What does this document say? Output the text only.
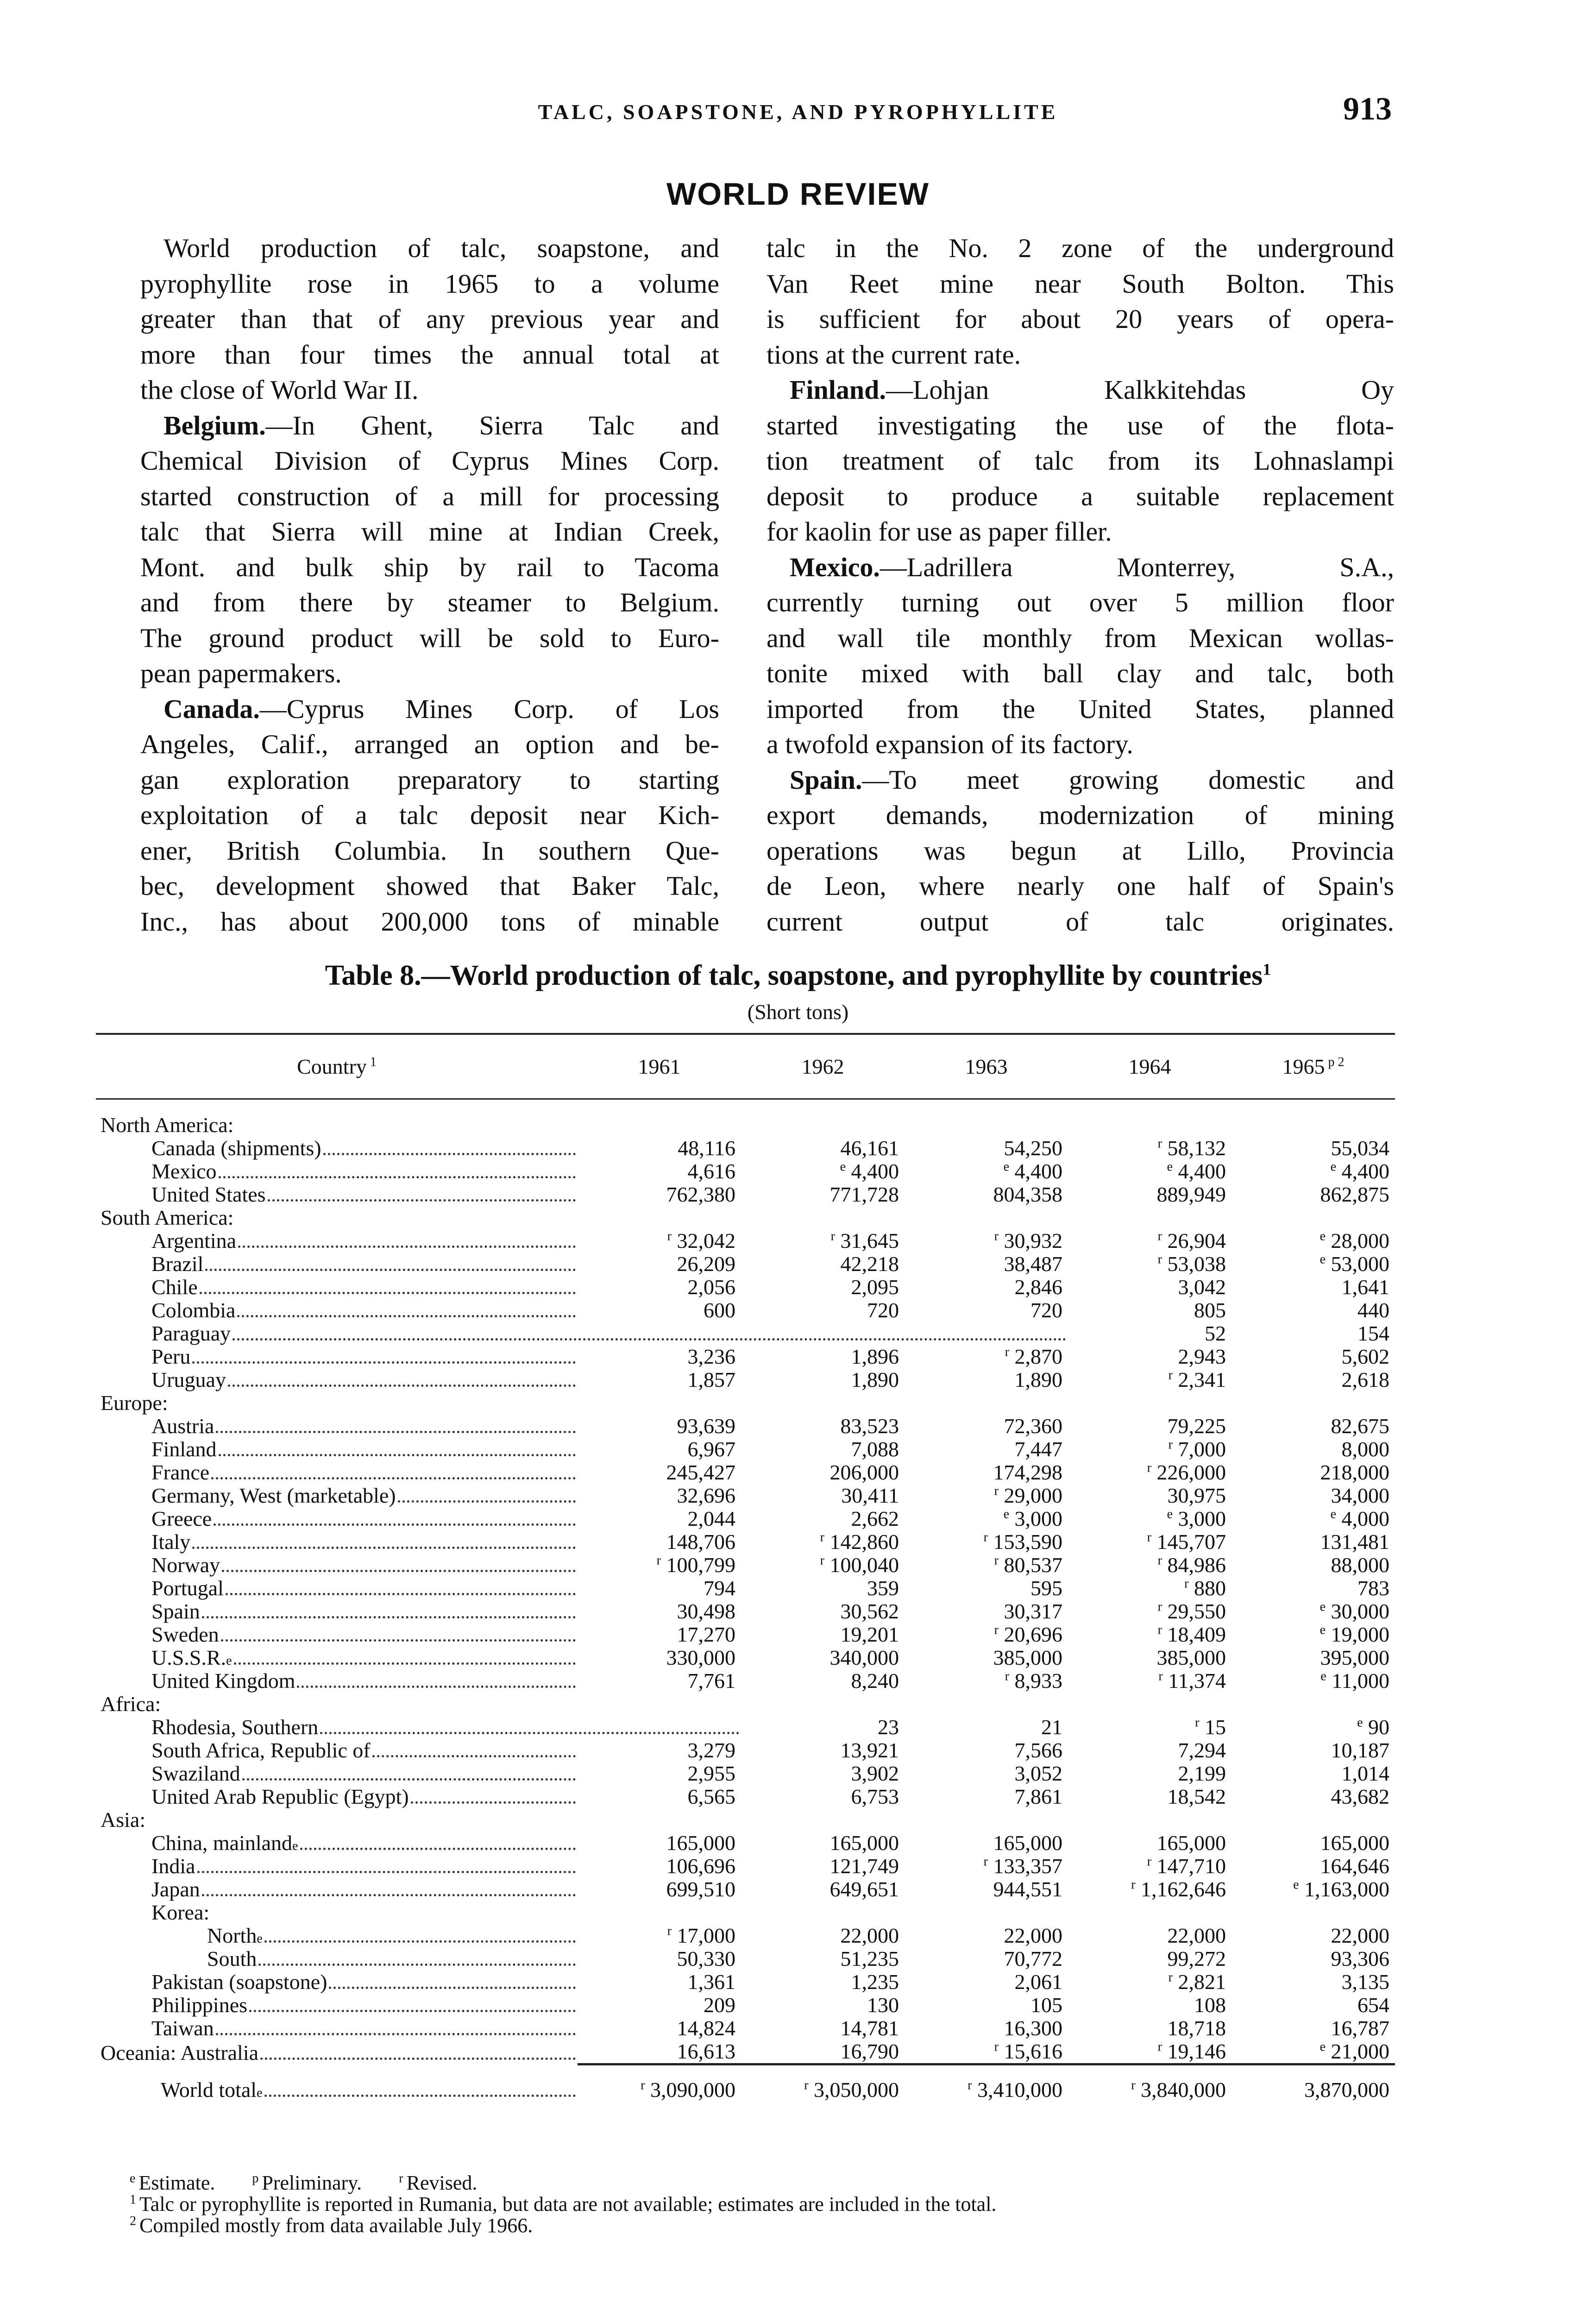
TALC, SOAPSTONE, AND PYROPHYLLITE	913
WORLD REVIEW
World production of talc, soapstone, and
pyrophyllite rose in 1965 to a volume
greater than that of any previous year and
more than four times the annual total at
the close of World War II.
Belgium.—In Ghent, Sierra Talc and
Chemical Division of Cyprus Mines Corp.
started construction of a mill for processing
talc that Sierra will mine at Indian Creek,
Mont. and bulk ship by rail to Tacoma
and from there by steamer to Belgium.
The ground product will be sold to Euro-
pean papermakers.
Canada.—Cyprus Mines Corp. of Los
Angeles, Calif., arranged an option and be-
gan exploration preparatory to starting
exploitation of a talc deposit near Kich-
ener, British Columbia. In southern Que-
bec, development showed that Baker Talc,
Inc., has about 200,000 tons of minable
talc in the No. 2 zone of the underground
Van Reet mine near South Bolton. This
is sufficient for about 20 years of opera-
tions at the current rate.
Finland.—Lohjan Kalkkitehdas Oy
started investigating the use of the flota-
tion treatment of talc from its Lohnaslampi
deposit to produce a suitable replacement
for kaolin for use as paper filler.
Mexico.—Ladrillera Monterrey, S.A.,
currently turning out over 5 million floor
and wall tile monthly from Mexican wollas-
tonite mixed with ball clay and talc, both
imported from the United States, planned
a twofold expansion of its factory.
Spain.—To meet growing domestic and
export demands, modernization of mining
operations was begun at Lillo, Provincia
de Leon, where nearly one half of Spain's
current output of talc originates.
Table 8.—World production of talc, soapstone, and pyrophyllite by countries$^1$
(Short tons)
Country $^1$	1961	1962	1963	1964	1965 $^{p 2}$

North America:					

Canada (shipments)	48,116	46,161	54,250	$^r$ 58,132	55,034

Mexico	4,616	$^e$ 4,400	$^e$ 4,400	$^e$ 4,400	$^e$ 4,400

United States	762,380	771,728	804,358	889,949	862,875

South America:					

Argentina	$^r$ 32,042	$^r$ 31,645	$^r$ 30,932	$^r$ 26,904	$^e$ 28,000

Brazil	26,209	42,218	38,487	$^r$ 53,038	$^e$ 53,000

Chile	2,056	2,095	2,846	3,042	1,641

Colombia	600	720	720	805	440

Paraguay				52	154

Peru	3,236	1,896	$^r$ 2,870	2,943	5,602

Uruguay	1,857	1,890	1,890	$^r$ 2,341	2,618

Europe:					

Austria	93,639	83,523	72,360	79,225	82,675

Finland	6,967	7,088	7,447	$^r$ 7,000	8,000

France	245,427	206,000	174,298	$^r$ 226,000	218,000

Germany, West (marketable)	32,696	30,411	$^r$ 29,000	30,975	34,000

Greece	2,044	2,662	$^e$ 3,000	$^e$ 3,000	$^e$ 4,000

Italy	148,706	$^r$ 142,860	$^r$ 153,590	$^r$ 145,707	131,481

Norway	$^r$ 100,799	$^r$ 100,040	$^r$ 80,537	$^r$ 84,986	88,000

Portugal	794	359	595	$^r$ 880	783

Spain	30,498	30,562	30,317	$^r$ 29,550	$^e$ 30,000

Sweden	17,270	19,201	$^r$ 20,696	$^r$ 18,409	$^e$ 19,000

U.S.S.R. e	330,000	340,000	385,000	385,000	395,000

United Kingdom	7,761	8,240	$^r$ 8,933	$^r$ 11,374	$^e$ 11,000

Africa:					

Rhodesia, Southern		23	21	$^r$ 15	$^e$ 90

South Africa, Republic of	3,279	13,921	7,566	7,294	10,187

Swaziland	2,955	3,902	3,052	2,199	1,014

United Arab Republic (Egypt)	6,565	6,753	7,861	18,542	43,682

Asia:					

China, mainland e	165,000	165,000	165,000	165,000	165,000

India	106,696	121,749	$^r$ 133,357	$^r$ 147,710	164,646

Japan	699,510	649,651	944,551	$^r$ 1,162,646	$^e$ 1,163,000

Korea:					

North e	$^r$ 17,000	22,000	22,000	22,000	22,000

South	50,330	51,235	70,772	99,272	93,306

Pakistan (soapstone)	1,361	1,235	2,061	$^r$ 2,821	3,135

Philippines	209	130	105	108	654

Taiwan	14,824	14,781	16,300	18,718	16,787

Oceania: Australia	16,613	16,790	$^r$ 15,616	$^r$ 19,146	$^e$ 21,000

World total e	$^r$ 3,090,000	$^r$ 3,050,000	$^r$ 3,410,000	$^r$ 3,840,000	3,870,000
$^e$ Estimate.	$^p$ Preliminary.	$^r$ Revised.
$^1$ Talc or pyrophyllite is reported in Rumania, but data are not available; estimates are included in the total.
$^2$ Compiled mostly from data available July 1966.
